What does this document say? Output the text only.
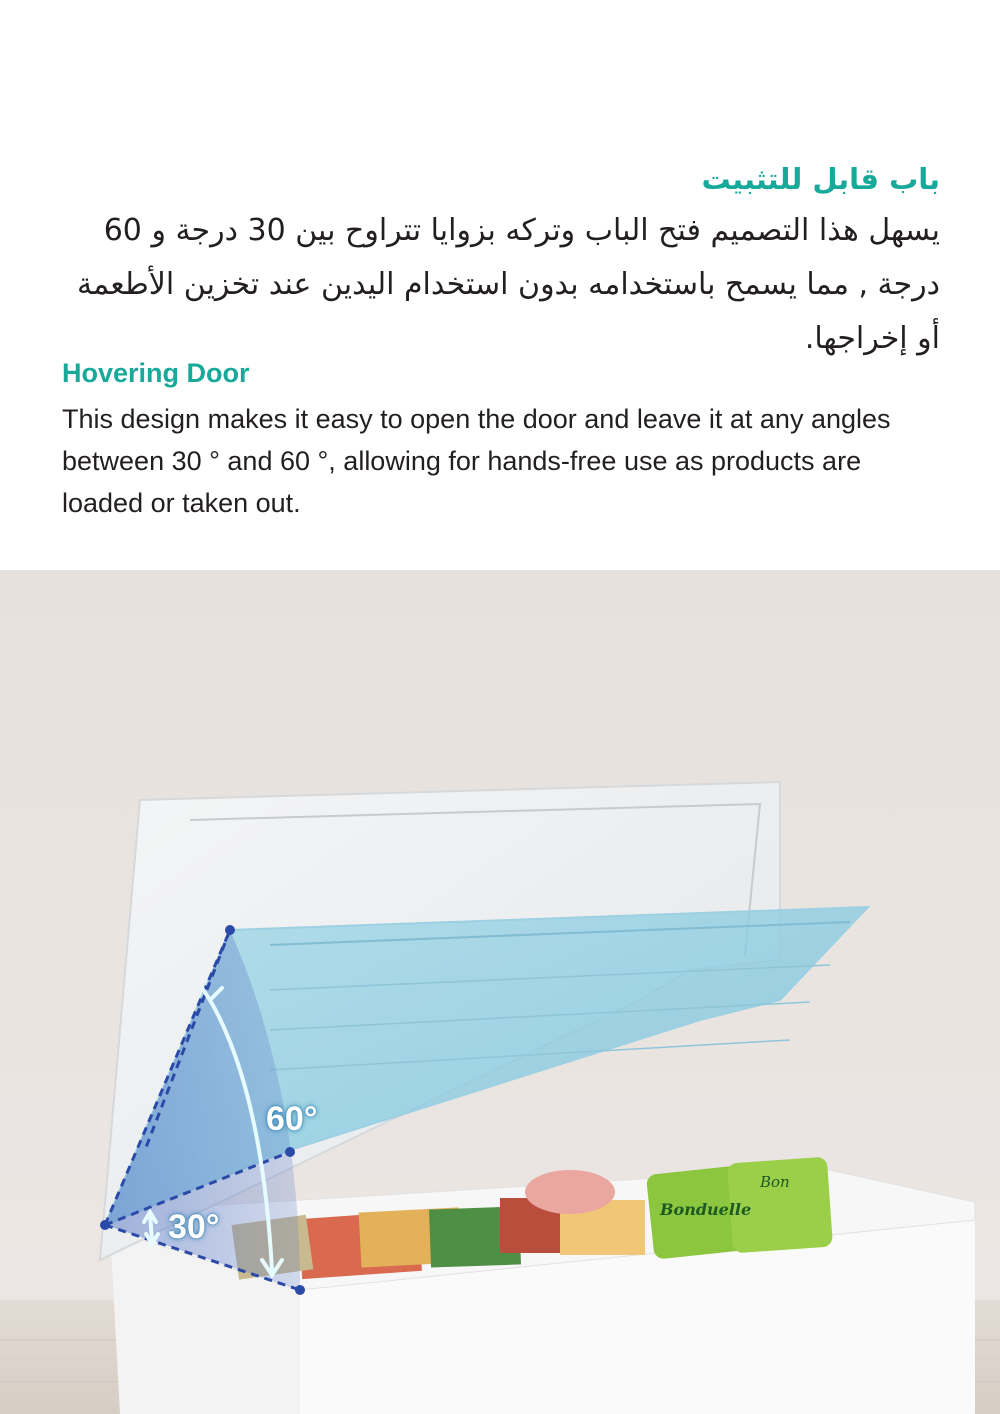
باب قابل للتثبيت

يسهل هذا التصميم فتح الباب وتركه بزوايا تتراوح بين 30 درجة و 60 درجة , مما يسمح باستخدامه بدون استخدام اليدين عند تخزين الأطعمة أو إخراجها.

Hovering Door

This design makes it easy to open the door and leave it at any angles between 30 ° and 60 °, allowing for hands-free use as products are loaded or taken out.

Bonduelle
Bon
60°
30°
